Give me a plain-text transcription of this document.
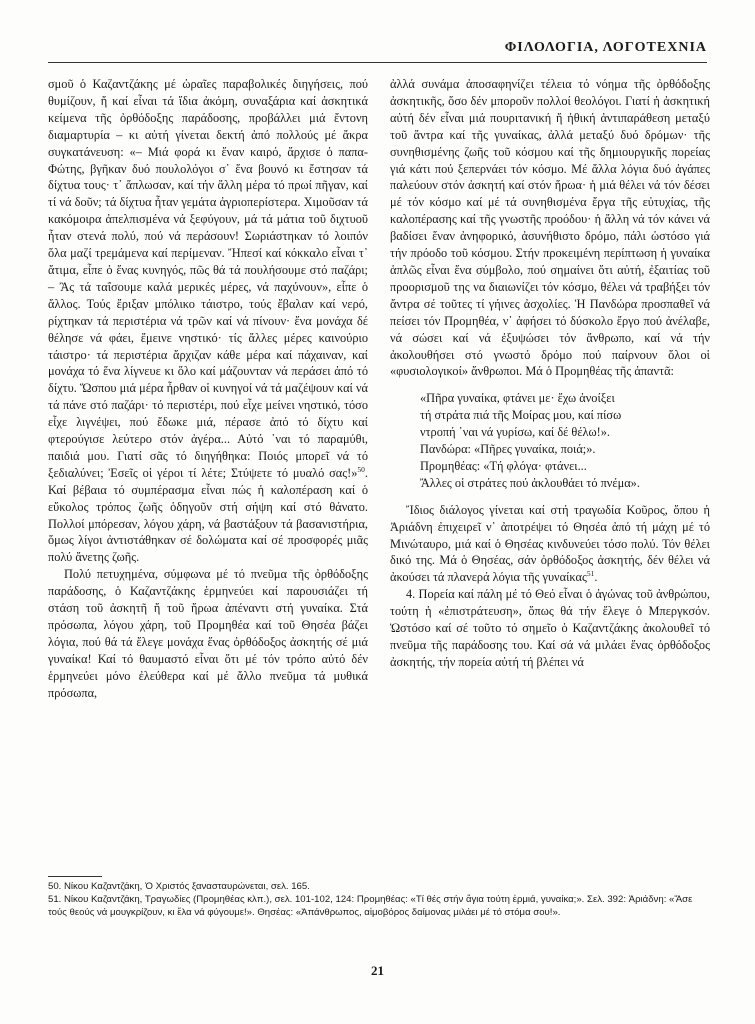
ΦΙΛΟΛΟΓΙΑ, ΛΟΓΟΤΕΧΝΙΑ

σμοῦ ὁ Καζαντζάκης μέ ὡραῖες παραβολικές διηγήσεις, πού θυμίζουν, ἤ καί εἶναι τά ἴδια ἀκόμη, συναξάρια καί ἀσκητικά κείμενα τῆς ὀρθόδοξης παράδοσης, προβάλλει μιά ἔντονη διαμαρτυρία – κι αὐτή γίνεται δεκτή ἀπό πολλούς μέ ἄκρα συγκατάνευση: «– Μιά φορά κι ἕναν καιρό, ἄρχισε ὁ παπα-Φώτης, βγῆκαν δυό πουλολόγοι σ᾽ ἕνα βουνό κι ἔστησαν τά δίχτυα τους· τ᾽ ἅπλωσαν, καί τήν ἄλλη μέρα τό πρωί πῆγαν, καί τί νά δοῦν; τά δίχτυα ἦταν γεμάτα ἀγριοπερίστερα. Χιμοῦσαν τά κακόμοιρα ἀπελπισμένα νά ξεφύγουν, μά τά μάτια τοῦ διχτυοῦ ἦταν στενά πολύ, πού νά περάσουν! Σωριάστηκαν τό λοιπόν ὅλα μαζί τρεμάμενα καί περίμεναν. Ἤπεσί καί κόκκαλο εἶναι τ᾽ ἄτιμα, εἶπε ὁ ἕνας κυνηγός, πῶς θά τά πουλήσουμε στό παζάρι; – Ἂς τά ταΐσουμε καλά μερικές μέρες, νά παχύνουν», εἶπε ὁ ἄλλος. Τούς ἔριξαν μπόλικο τάιστρο, τούς ἔβαλαν καί νερό, ρίχτηκαν τά περιστέρια νά τρῶν καί νά πίνουν· ἕνα μονάχα δέ θέλησε νά φάει, ἔμεινε νηστικό· τίς ἄλλες μέρες καινούριο τάιστρο· τά περιστέρια ἄρχιζαν κάθε μέρα καί πάχαιναν, καί μονάχα τό ἕνα λίγνευε κι ὅλο καί μάζουνταν νά περάσει ἀπό τό δίχτυ. Ὥσπου μιά μέρα ἦρθαν οἱ κυνηγοί νά τά μαζέψουν καί νά τά πάνε στό παζάρι· τό περιστέρι, πού εἶχε μείνει νηστικό, τόσο εἶχε λιγνέψει, πού ἔδωκε μιά, πέρασε ἀπό τό δίχτυ καί φτερούγισε λεύτερο στόν ἀγέρα... Αὐτό ᾽ναι τό παραμύθι, παιδιά μου. Γιατί σᾶς τό διηγήθηκα: Ποιός μπορεῖ νά τό ξεδιαλύνει; Ἐσεῖς οἱ γέροι τί λέτε; Στύψετε τό μυαλό σας!»$^{50}$. Καί βέβαια τό συμπέρασμα εἶναι πώς ἡ καλοπέραση καί ὁ εὔκολος τρόπος ζωῆς ὁδηγοῦν στή σήψη καί στό θάνατο. Πολλοί μπόρεσαν, λόγου χάρη, νά βαστάξουν τά βασανιστήρια, ὅμως λίγοι ἀντιστάθηκαν σέ δολώματα καί σέ προσφορές μιᾶς πολύ ἄνετης ζωῆς.

Πολύ πετυχημένα, σύμφωνα μέ τό πνεῦμα τῆς ὀρθόδοξης παράδοσης, ὁ Καζαντζάκης ἑρμηνεύει καί παρουσιάζει τή στάση τοῦ ἀσκητῆ ἤ τοῦ ἥρωα ἀπέναντι στή γυναίκα. Στά πρόσωπα, λόγου χάρη, τοῦ Προμηθέα καί τοῦ Θησέα βάζει λόγια, πού θά τά ἔλεγε μονάχα ἕνας ὀρθόδοξος ἀσκητής σέ μιά γυναίκα! Καί τό θαυμαστό εἶναι ὅτι μέ τόν τρόπο αὐτό δέν ἑρμηνεύει μόνο ἐλεύθερα καί μέ ἄλλο πνεῦμα τά μυθικά πρόσωπα,

ἀλλά συνάμα ἀποσαφηνίζει τέλεια τό νόημα τῆς ὀρθόδοξης ἀσκητικῆς, ὅσο δέν μποροῦν πολλοί θεολόγοι. Γιατί ἡ ἀσκητική αὐτή δέν εἶναι μιά πουριτανική ἤ ἠθική ἀντιπαράθεση μεταξύ τοῦ ἄντρα καί τῆς γυναίκας, ἀλλά μεταξύ δυό δρόμων· τῆς συνηθισμένης ζωῆς τοῦ κόσμου καί τῆς δημιουργικῆς πορείας γιά κάτι πού ξεπερνάει τόν κόσμο. Μέ ἄλλα λόγια δυό ἀγάπες παλεύουν στόν ἀσκητή καί στόν ἥρωα· ἡ μιά θέλει νά τόν δέσει μέ τόν κόσμο καί μέ τά συνηθισμένα ἔργα τῆς εὐτυχίας, τῆς καλοπέρασης καί τῆς γνωστῆς προόδου· ἡ ἄλλη νά τόν κάνει νά βαδίσει ἕναν ἀνηφορικό, ἀσυνήθιστο δρόμο, πάλι ὡστόσο γιά τήν πρόοδο τοῦ κόσμου. Στήν προκειμένη περίπτωση ἡ γυναίκα ἁπλῶς εἶναι ἕνα σύμβολο, πού σημαίνει ὅτι αὐτή, ἐξαιτίας τοῦ προορισμοῦ της να διαιωνίζει τόν κόσμο, θέλει νά τραβήξει τόν ἄντρα σέ τοῦτες τί γήινες ἀσχολίες. Ἡ Πανδώρα προσπαθεῖ νά πείσει τόν Προμηθέα, ν᾽ ἀφήσει τό δύσκολο ἔργο πού ἀνέλαβε, νά σώσει καί νά ἐξυψώσει τόν ἄνθρωπο, καί νά τήν ἀκολουθήσει στό γνωστό δρόμο πού παίρνουν ὅλοι οἱ «φυσιολογικοί» ἄνθρωποι. Μά ὁ Προμηθέας τῆς ἀπαντᾶ:

«Πῆρα γυναίκα, φτάνει με· ἔχω ἀνοίξει

τή στράτα πιά τῆς Μοίρας μου, καί πίσω

ντροπή ᾽ναι νά γυρίσω, καί δέ θέλω!».

Πανδώρα: «Πῆρες γυναίκα, ποιά;».

Προμηθέας: «Τή φλόγα· φτάνει...

Ἄλλες οἱ στράτες πού ἀκλουθάει τό πνέμα».

Ἴδιος διάλογος γίνεται καί στή τραγωδία Κοῦρος, ὅπου ἡ Ἀριάδνη ἐπιχειρεῖ ν᾽ ἀποτρέψει τό Θησέα ἀπό τή μάχη μέ τό Μινώταυρο, μιά καί ὁ Θησέας κινδυνεύει τόσο πολύ. Τόν θέλει δικό της. Μά ὁ Θησέας, σάν ὀρθόδοξος ἀσκητής, δέν θέλει νά ἀκούσει τά πλανερά λόγια τῆς γυναίκας$^{51}$.

4. Πορεία καί πάλη μέ τό Θεό εἶναι ὁ ἀγώνας τοῦ ἀνθρώπου, τούτη ἡ «ἐπιστράτευση», ὅπως θά τήν ἔλεγε ὁ Μπεργκσόν. Ὡστόσο καί σέ τοῦτο τό σημεῖο ὁ Καζαντζάκης ἀκολουθεῖ τό πνεῦμα τῆς παράδοσης του. Καί σά νά μιλάει ἕνας ὀρθόδοξος ἀσκητής, τήν πορεία αὐτή τή βλέπει νά

50. Νίκου Καζαντζάκη, Ὁ Χριστός ξανασταυρώνεται, σελ. 165.

51. Νίκου Καζαντζάκη, Τραγωδίες (Προμηθέας κλπ.), σελ. 101-102, 124: Προμηθέας: «Τί θές στήν ἄγια τούτη ἐρμιά, γυναίκα;». Σελ. 392: Ἀριάδνη: «Ἄσε τούς θεούς νά μουγκρίζουν, κι ἔλα νά φύγουμε!». Θησέας: «Ἀπάνθρωπος, αἱμοβόρος δαίμονας μιλάει μέ τό στόμα σου!».

21
